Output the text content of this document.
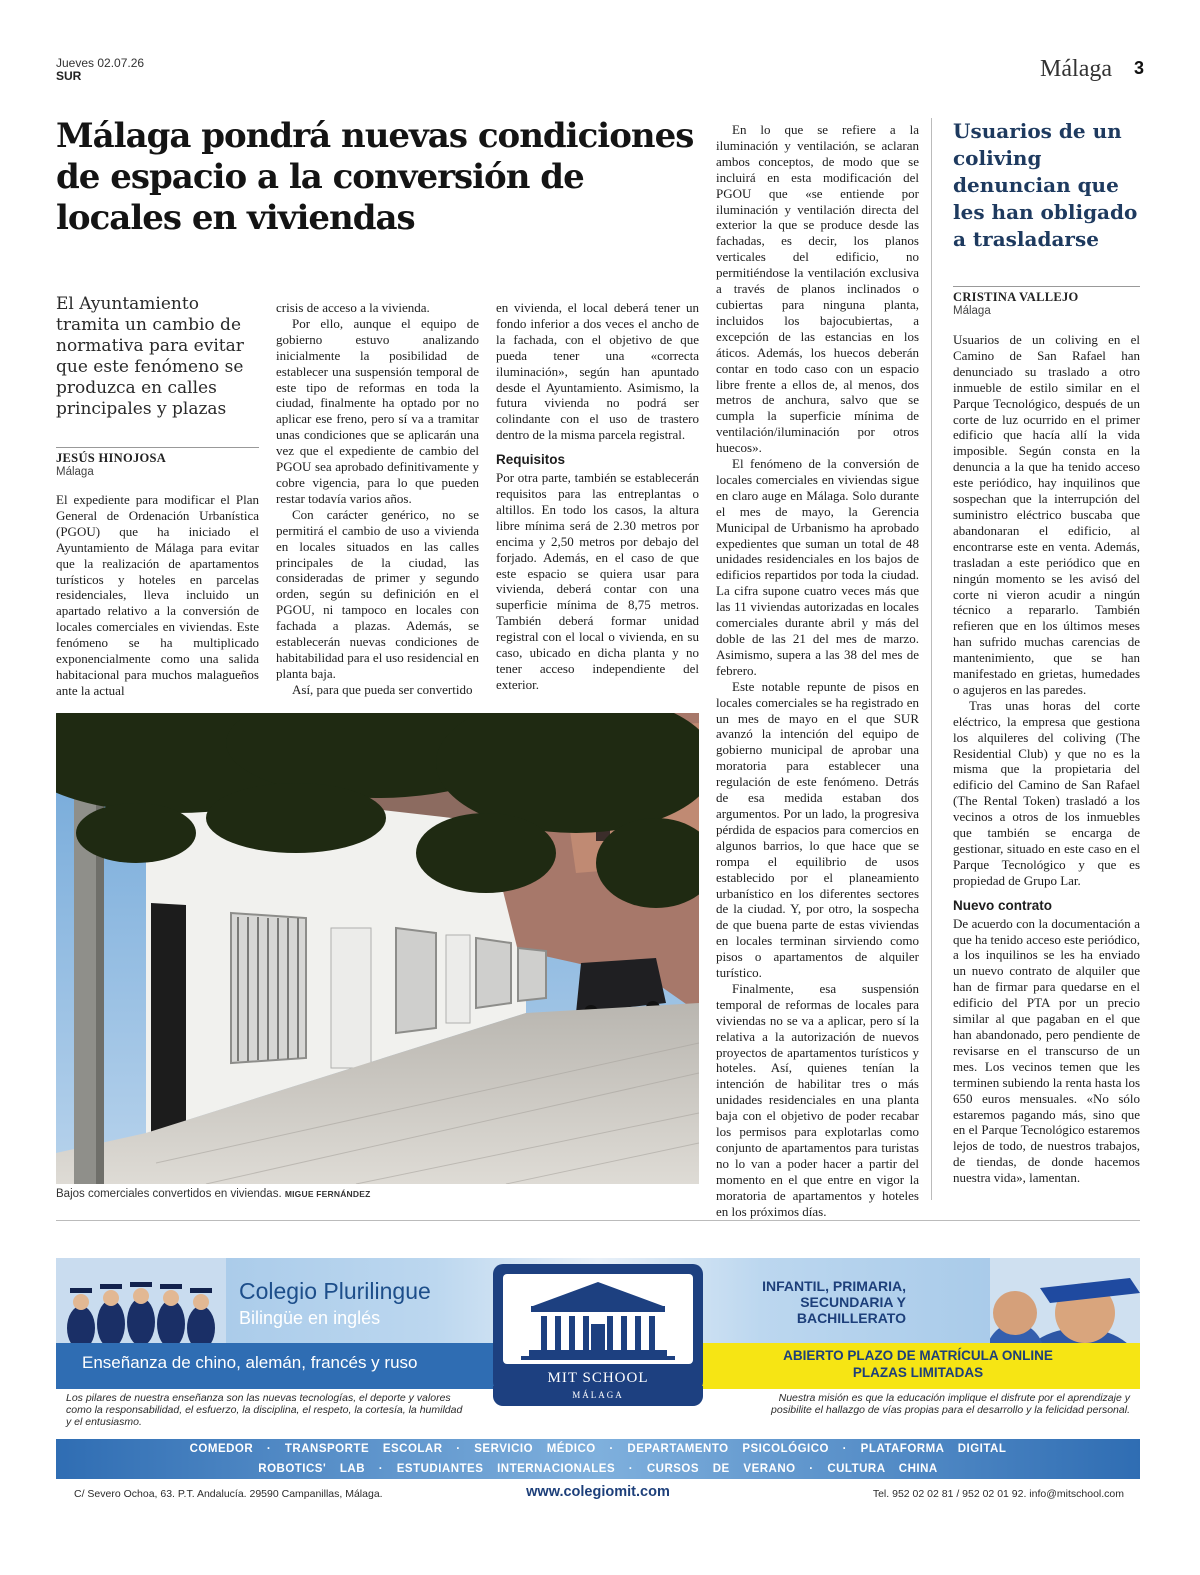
Jueves 02.07.26
SUR	Málaga 3
Málaga pondrá nuevas condiciones de espacio a la conversión de locales en viviendas
El Ayuntamiento tramita un cambio de normativa para evitar que este fenómeno se produzca en calles principales y plazas
JESÚS HINOJOSA
Málaga

El expediente para modificar el Plan General de Ordenación Urbanística (PGOU) que ha iniciado el Ayuntamiento de Málaga para evitar que la realización de apartamentos turísticos y hoteles en parcelas residenciales, lleva incluido un apartado relativo a la conversión de locales comerciales en viviendas. Este fenómeno se ha multiplicado exponencialmente como una salida habitacional para muchos malagueños ante la actual

crisis de acceso a la vivienda.

Por ello, aunque el equipo de gobierno estuvo analizando inicialmente la posibilidad de establecer una suspensión temporal de este tipo de reformas en toda la ciudad, finalmente ha optado por no aplicar ese freno, pero sí va a tramitar unas condiciones que se aplicarán una vez que el expediente de cambio del PGOU sea aprobado definitivamente y cobre vigencia, para lo que pueden restar todavía varios años.

Con carácter genérico, no se permitirá el cambio de uso a vivienda en locales situados en las calles principales de la ciudad, las consideradas de primer y segundo orden, según su definición en el PGOU, ni tampoco en locales con fachada a plazas. Además, se establecerán nuevas condiciones de habitabilidad para el uso residencial en planta baja.

Así, para que pueda ser convertido

en vivienda, el local deberá tener un fondo inferior a dos veces el ancho de la fachada, con el objetivo de que pueda tener una «correcta iluminación», según han apuntado desde el Ayuntamiento. Asimismo, la futura vivienda no podrá ser colindante con el uso de trastero dentro de la misma parcela registral.

Requisitos

Por otra parte, también se establecerán requisitos para las entreplantas o altillos. En todo los casos, la altura libre mínima será de 2.30 metros por encima y 2,50 metros por debajo del forjado. Además, en el caso de que este espacio se quiera usar para vivienda, deberá contar con una superficie mínima de 8,75 metros. También deberá formar unidad registral con el local o vivienda, en su caso, ubicado en dicha planta y no tener acceso independiente del exterior.

En lo que se refiere a la iluminación y ventilación, se aclaran ambos conceptos, de modo que se incluirá en esta modificación del PGOU que «se entiende por iluminación y ventilación directa del exterior la que se produce desde las fachadas, es decir, los planos verticales del edificio, no permitiéndose la ventilación exclusiva a través de planos inclinados o cubiertas para ninguna planta, incluidos los bajocubiertas, a excepción de las estancias en los áticos. Además, los huecos deberán contar en todo caso con un espacio libre frente a ellos de, al menos, dos metros de anchura, salvo que se cumpla la superficie mínima de ventilación/iluminación por otros huecos».

El fenómeno de la conversión de locales comerciales en viviendas sigue en claro auge en Málaga. Solo durante el mes de mayo, la Gerencia Municipal de Urbanismo ha aprobado expedientes que suman un total de 48 unidades residenciales en los bajos de edificios repartidos por toda la ciudad. La cifra supone cuatro veces más que las 11 viviendas autorizadas en locales comerciales durante abril y más del doble de las 21 del mes de marzo. Asimismo, supera a las 38 del mes de febrero.

Este notable repunte de pisos en locales comerciales se ha registrado en un mes de mayo en el que SUR avanzó la intención del equipo de gobierno municipal de aprobar una moratoria para establecer una regulación de este fenómeno. Detrás de esa medida estaban dos argumentos. Por un lado, la progresiva pérdida de espacios para comercios en algunos barrios, lo que hace que se rompa el equilibrio de usos establecido por el planeamiento urbanístico en los diferentes sectores de la ciudad. Y, por otro, la sospecha de que buena parte de estas viviendas en locales terminan sirviendo como pisos o apartamentos de alquiler turístico.

Finalmente, esa suspensión temporal de reformas de locales para viviendas no se va a aplicar, pero sí la relativa a la autorización de nuevos proyectos de apartamentos turísticos y hoteles. Así, quienes tenían la intención de habilitar tres o más unidades residenciales en una planta baja con el objetivo de poder recabar los permisos para explotarlas como conjunto de apartamentos para turistas no lo van a poder hacer a partir del momento en el que entre en vigor la moratoria de apartamentos y hoteles en los próximos días.

Bajos comerciales convertidos en viviendas. MIGUE FERNÁNDEZ
Usuarios de un coliving denuncian que les han obligado a trasladarse
CRISTINA VALLEJO
Málaga

Usuarios de un coliving en el Camino de San Rafael han denunciado su traslado a otro inmueble de estilo similar en el Parque Tecnológico, después de un corte de luz ocurrido en el primer edificio que hacía allí la vida imposible. Según consta en la denuncia a la que ha tenido acceso este periódico, hay inquilinos que sospechan que la interrupción del suministro eléctrico buscaba que abandonaran el edificio, al encontrarse este en venta. Además, trasladan a este periódico que en ningún momento se les avisó del corte ni vieron acudir a ningún técnico a repararlo. También refieren que en los últimos meses han sufrido muchas carencias de mantenimiento, que se han manifestado en grietas, humedades o agujeros en las paredes.

Tras unas horas del corte eléctrico, la empresa que gestiona los alquileres del coliving (The Residential Club) y que no es la misma que la propietaria del edificio del Camino de San Rafael (The Rental Token) trasladó a los vecinos a otros de los inmuebles que también se encarga de gestionar, situado en este caso en el Parque Tecnológico y que es propiedad de Grupo Lar.

Nuevo contrato

De acuerdo con la documentación a que ha tenido acceso este periódico, a los inquilinos se les ha enviado un nuevo contrato de alquiler que han de firmar para quedarse en el edificio del PTA por un precio similar al que pagaban en el que han abandonado, pero pendiente de revisarse en el transcurso de un mes. Los vecinos temen que les terminen subiendo la renta hasta los 650 euros mensuales. «No sólo estaremos pagando más, sino que en el Parque Tecnológico estaremos lejos de todo, de nuestros trabajos, de tiendas, de donde hacemos nuestra vida», lamentan.

Colegio Plurilingue
Bilingüe en inglés
Enseñanza de chino, alemán, francés y ruso
INFANTIL, PRIMARIA,
SECUNDARIA Y
BACHILLERATO
ABIERTO PLAZO DE MATRÍCULA ONLINE
PLAZAS LIMITADAS
MIT SCHOOL
MÁLAGA
Los pilares de nuestra enseñanza son las nuevas tecnologías, el deporte y valores como la responsabilidad, el esfuerzo, la disciplina, el respeto, la cortesía, la humildad y el entusiasmo.
Nuestra misión es que la educación implique el disfrute por el aprendizaje y posibilite el hallazgo de vías propias para el desarrollo y la felicidad personal.
COMEDOR · TRANSPORTE ESCOLAR · SERVICIO MÉDICO · DEPARTAMENTO PSICOLÓGICO · PLATAFORMA DIGITAL
ROBOTICS' LAB · ESTUDIANTES INTERNACIONALES · CURSOS DE VERANO · CULTURA CHINA
C/ Severo Ochoa, 63. P.T. Andalucía. 29590 Campanillas, Málaga.	www.colegiomit.com	Tel. 952 02 02 81 / 952 02 01 92. info@mitschool.com
